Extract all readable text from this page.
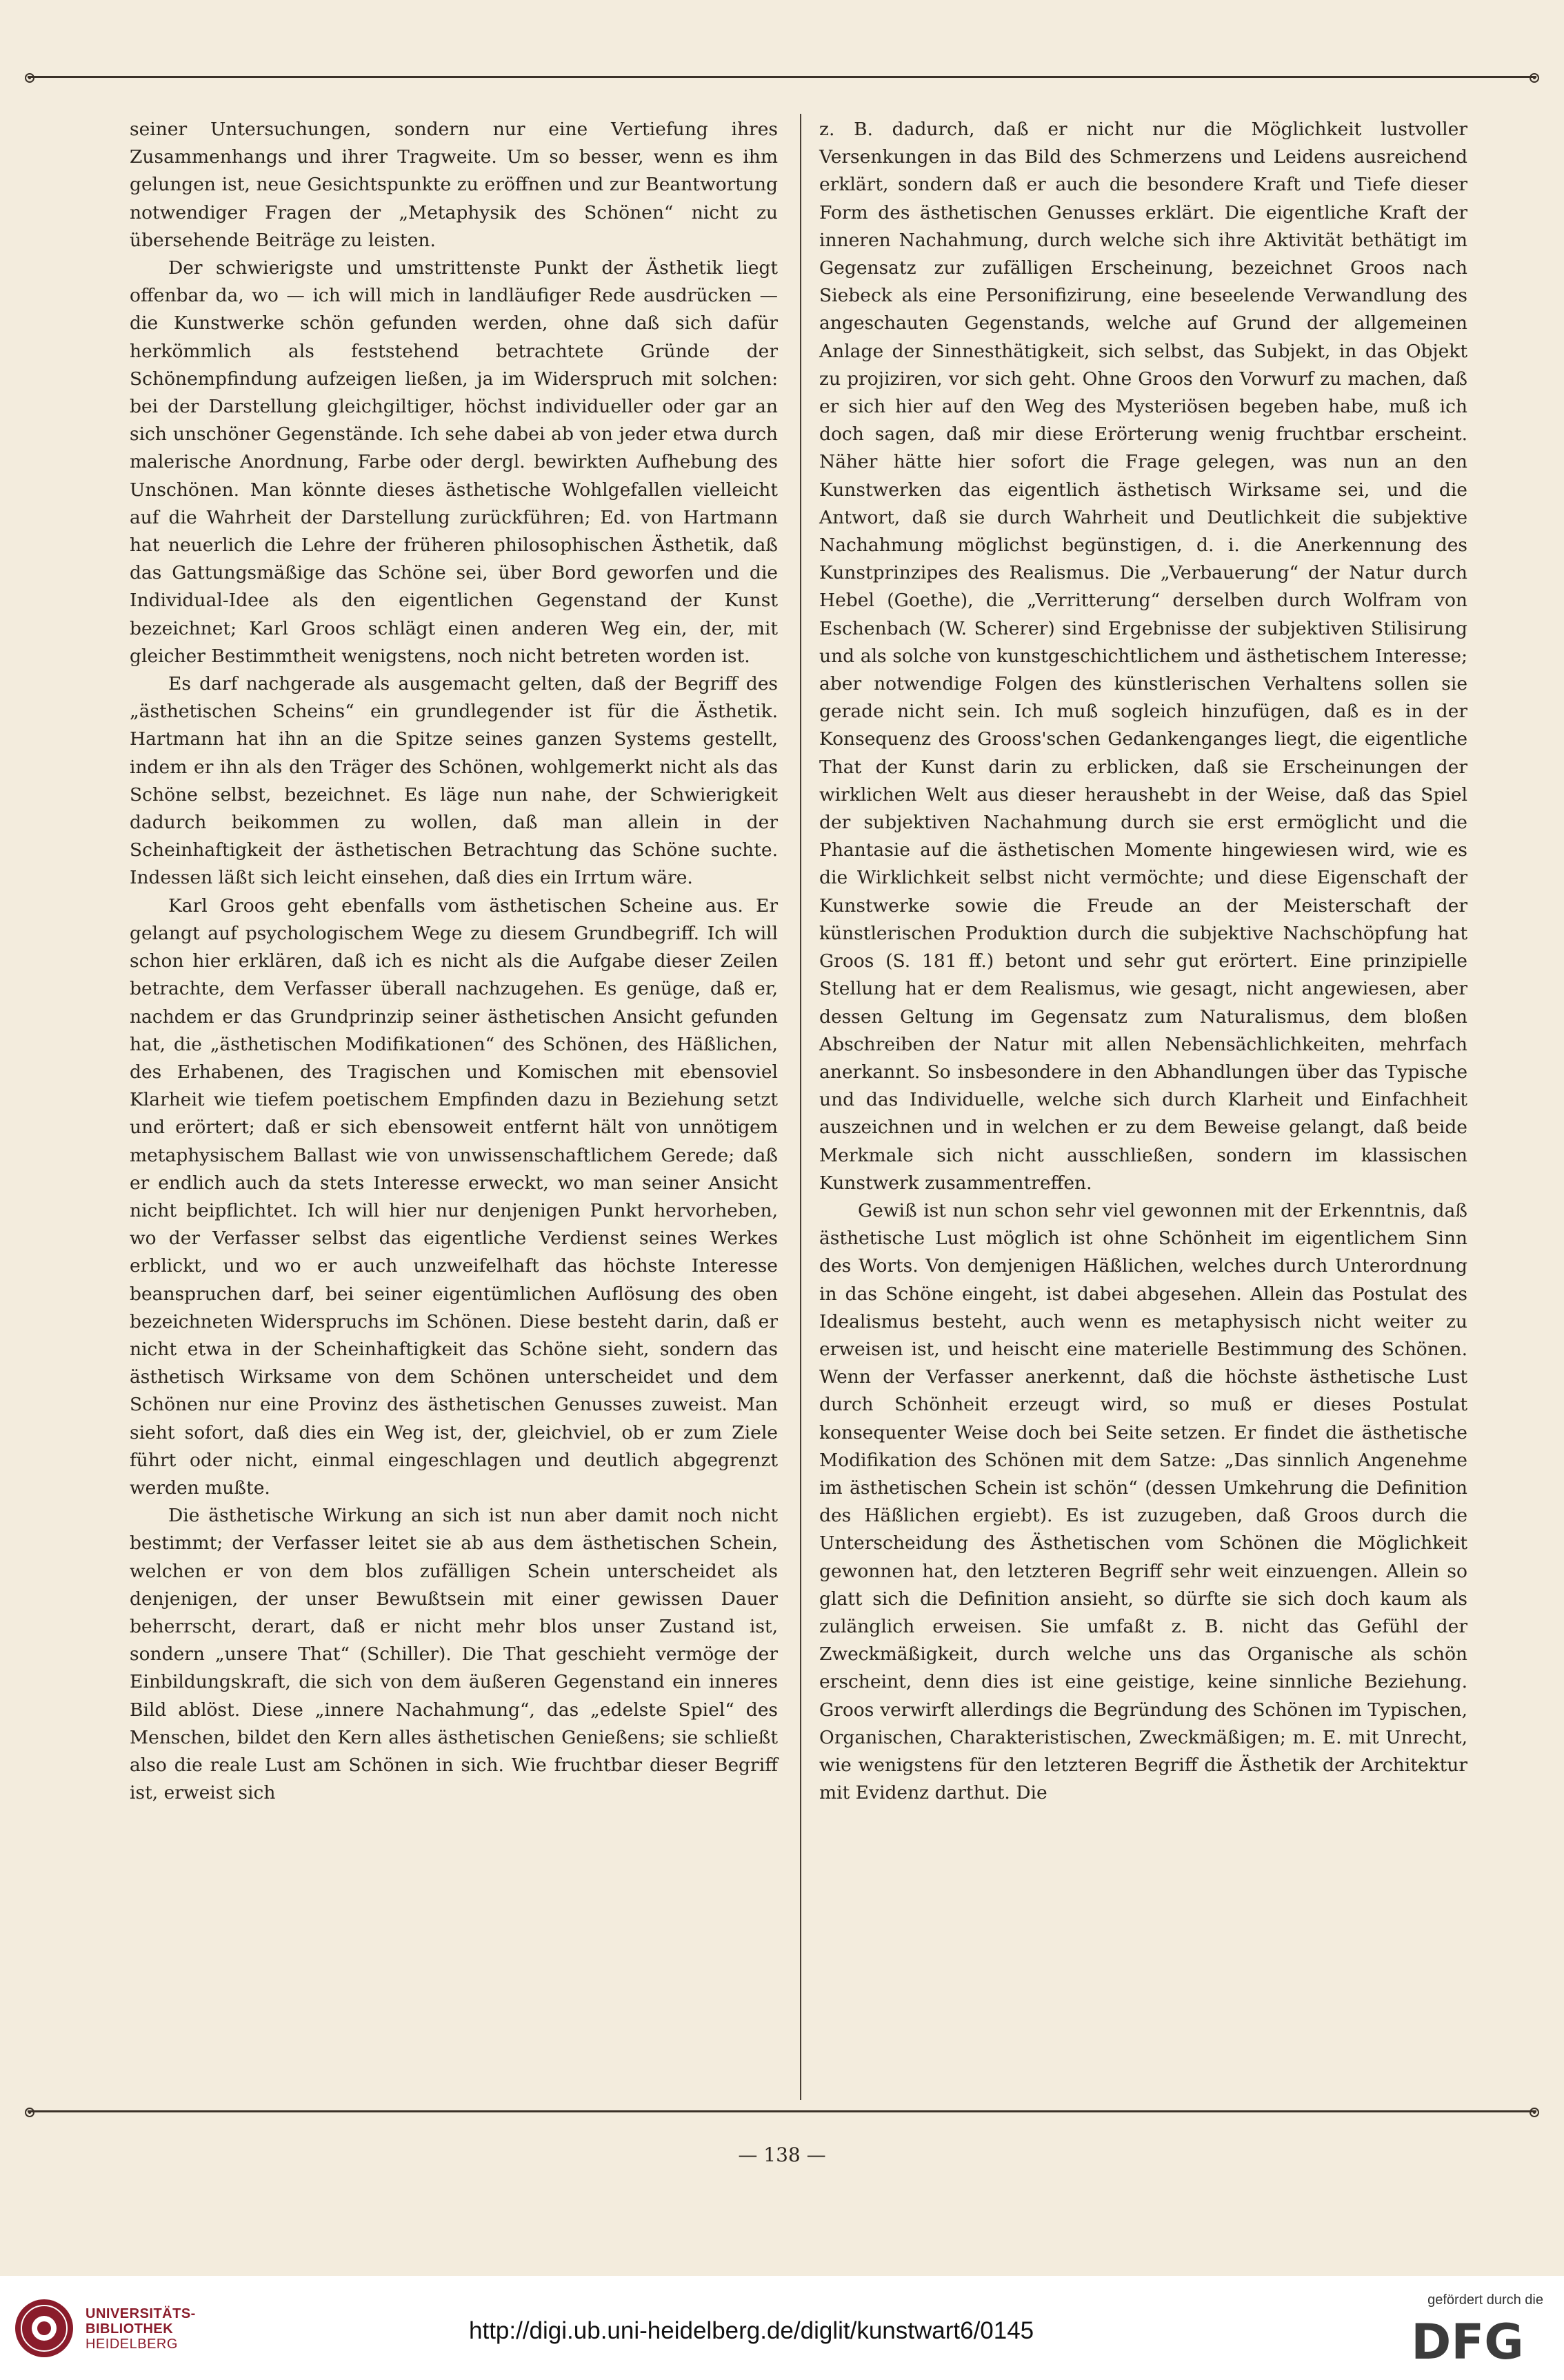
seiner Untersuchungen, sondern nur eine Vertiefung ihres Zusammenhangs und ihrer Tragweite. Um so besser, wenn es ihm gelungen ist, neue Gesichtspunkte zu eröffnen und zur Beantwortung notwendiger Fragen der „Metaphysik des Schönen“ nicht zu übersehende Beiträge zu leisten.

Der schwierigste und umstrittenste Punkt der Ästhetik liegt offenbar da, wo — ich will mich in landläufiger Rede ausdrücken — die Kunstwerke schön gefunden werden, ohne daß sich dafür herkömmlich als feststehend betrachtete Gründe der Schönempfindung aufzeigen ließen, ja im Widerspruch mit solchen: bei der Darstellung gleichgiltiger, höchst individueller oder gar an sich unschöner Gegenstände. Ich sehe dabei ab von jeder etwa durch malerische Anordnung, Farbe oder dergl. bewirkten Aufhebung des Unschönen. Man könnte dieses ästhetische Wohlgefallen vielleicht auf die Wahrheit der Darstellung zurückführen; Ed. von Hartmann hat neuerlich die Lehre der früheren philosophischen Ästhetik, daß das Gattungsmäßige das Schöne sei, über Bord geworfen und die Individual-Idee als den eigentlichen Gegenstand der Kunst bezeichnet; Karl Groos schlägt einen anderen Weg ein, der, mit gleicher Bestimmtheit wenigstens, noch nicht betreten worden ist.

Es darf nachgerade als ausgemacht gelten, daß der Begriff des „ästhetischen Scheins“ ein grundlegender ist für die Ästhetik. Hartmann hat ihn an die Spitze seines ganzen Systems gestellt, indem er ihn als den Träger des Schönen, wohlgemerkt nicht als das Schöne selbst, bezeichnet. Es läge nun nahe, der Schwierigkeit dadurch beikommen zu wollen, daß man allein in der Scheinhaftigkeit der ästhetischen Betrachtung das Schöne suchte. Indessen läßt sich leicht einsehen, daß dies ein Irrtum wäre.

Karl Groos geht ebenfalls vom ästhetischen Scheine aus. Er gelangt auf psychologischem Wege zu diesem Grundbegriff. Ich will schon hier erklären, daß ich es nicht als die Aufgabe dieser Zeilen betrachte, dem Verfasser überall nachzugehen. Es genüge, daß er, nachdem er das Grundprinzip seiner ästhetischen Ansicht gefunden hat, die „ästhetischen Modifikationen“ des Schönen, des Häßlichen, des Erhabenen, des Tragischen und Komischen mit ebensoviel Klarheit wie tiefem poetischem Empfinden dazu in Beziehung setzt und erörtert; daß er sich ebensoweit entfernt hält von unnötigem metaphysischem Ballast wie von unwissenschaftlichem Gerede; daß er endlich auch da stets Interesse erweckt, wo man seiner Ansicht nicht beipflichtet. Ich will hier nur denjenigen Punkt hervorheben, wo der Verfasser selbst das eigentliche Verdienst seines Werkes erblickt, und wo er auch unzweifelhaft das höchste Interesse beanspruchen darf, bei seiner eigentümlichen Auflösung des oben bezeichneten Widerspruchs im Schönen. Diese besteht darin, daß er nicht etwa in der Scheinhaftigkeit das Schöne sieht, sondern das ästhetisch Wirksame von dem Schönen unterscheidet und dem Schönen nur eine Provinz des ästhetischen Genusses zuweist. Man sieht sofort, daß dies ein Weg ist, der, gleichviel, ob er zum Ziele führt oder nicht, einmal eingeschlagen und deutlich abgegrenzt werden mußte.

Die ästhetische Wirkung an sich ist nun aber damit noch nicht bestimmt; der Verfasser leitet sie ab aus dem ästhetischen Schein, welchen er von dem blos zufälligen Schein unterscheidet als denjenigen, der unser Bewußtsein mit einer gewissen Dauer beherrscht, derart, daß er nicht mehr blos unser Zustand ist, sondern „unsere That“ (Schiller). Die That geschieht vermöge der Einbildungskraft, die sich von dem äußeren Gegenstand ein inneres Bild ablöst. Diese „innere Nachahmung“, das „edelste Spiel“ des Menschen, bildet den Kern alles ästhetischen Genießens; sie schließt also die reale Lust am Schönen in sich. Wie fruchtbar dieser Begriff ist, erweist sich

z. B. dadurch, daß er nicht nur die Möglichkeit lustvoller Versenkungen in das Bild des Schmerzens und Leidens ausreichend erklärt, sondern daß er auch die besondere Kraft und Tiefe dieser Form des ästhetischen Genusses erklärt. Die eigentliche Kraft der inneren Nachahmung, durch welche sich ihre Aktivität bethätigt im Gegensatz zur zufälligen Erscheinung, bezeichnet Groos nach Siebeck als eine Personifizirung, eine beseelende Verwandlung des angeschauten Gegenstands, welche auf Grund der allgemeinen Anlage der Sinnesthätigkeit, sich selbst, das Subjekt, in das Objekt zu projiziren, vor sich geht. Ohne Groos den Vorwurf zu machen, daß er sich hier auf den Weg des Mysteriösen begeben habe, muß ich doch sagen, daß mir diese Erörterung wenig fruchtbar erscheint. Näher hätte hier sofort die Frage gelegen, was nun an den Kunstwerken das eigentlich ästhetisch Wirksame sei, und die Antwort, daß sie durch Wahrheit und Deutlichkeit die subjektive Nachahmung möglichst begünstigen, d. i. die Anerkennung des Kunstprinzipes des Realismus. Die „Verbauerung“ der Natur durch Hebel (Goethe), die „Verritterung“ derselben durch Wolfram von Eschenbach (W. Scherer) sind Ergebnisse der subjektiven Stilisirung und als solche von kunstgeschichtlichem und ästhetischem Interesse; aber notwendige Folgen des künstlerischen Verhaltens sollen sie gerade nicht sein. Ich muß sogleich hinzufügen, daß es in der Konsequenz des Grooss'schen Gedankenganges liegt, die eigentliche That der Kunst darin zu erblicken, daß sie Erscheinungen der wirklichen Welt aus dieser heraushebt in der Weise, daß das Spiel der subjektiven Nachahmung durch sie erst ermöglicht und die Phantasie auf die ästhetischen Momente hingewiesen wird, wie es die Wirklichkeit selbst nicht vermöchte; und diese Eigenschaft der Kunstwerke sowie die Freude an der Meisterschaft der künstlerischen Produktion durch die subjektive Nachschöpfung hat Groos (S. 181 ff.) betont und sehr gut erörtert. Eine prinzipielle Stellung hat er dem Realismus, wie gesagt, nicht angewiesen, aber dessen Geltung im Gegensatz zum Naturalismus, dem bloßen Abschreiben der Natur mit allen Nebensächlichkeiten, mehrfach anerkannt. So insbesondere in den Abhandlungen über das Typische und das Individuelle, welche sich durch Klarheit und Einfachheit auszeichnen und in welchen er zu dem Beweise gelangt, daß beide Merkmale sich nicht ausschließen, sondern im klassischen Kunstwerk zusammentreffen.

Gewiß ist nun schon sehr viel gewonnen mit der Erkenntnis, daß ästhetische Lust möglich ist ohne Schönheit im eigentlichem Sinn des Worts. Von demjenigen Häßlichen, welches durch Unterordnung in das Schöne eingeht, ist dabei abgesehen. Allein das Postulat des Idealismus besteht, auch wenn es metaphysisch nicht weiter zu erweisen ist, und heischt eine materielle Bestimmung des Schönen. Wenn der Verfasser anerkennt, daß die höchste ästhetische Lust durch Schönheit erzeugt wird, so muß er dieses Postulat konsequenter Weise doch bei Seite setzen. Er findet die ästhetische Modifikation des Schönen mit dem Satze: „Das sinnlich Angenehme im ästhetischen Schein ist schön“ (dessen Umkehrung die Definition des Häßlichen ergiebt). Es ist zuzugeben, daß Groos durch die Unterscheidung des Ästhetischen vom Schönen die Möglichkeit gewonnen hat, den letzteren Begriff sehr weit einzuengen. Allein so glatt sich die Definition ansieht, so dürfte sie sich doch kaum als zulänglich erweisen. Sie umfaßt z. B. nicht das Gefühl der Zweckmäßigkeit, durch welche uns das Organische als schön erscheint, denn dies ist eine geistige, keine sinnliche Beziehung. Groos verwirft allerdings die Begründung des Schönen im Typischen, Organischen, Charakteristischen, Zweckmäßigen; m. E. mit Unrecht, wie wenigstens für den letzteren Begriff die Ästhetik der Architektur mit Evidenz darthut. Die

— 138 —
UNIVERSITÄTS-
BIBLIOTHEK
HEIDELBERG	http://digi.ub.uni-heidelberg.de/diglit/kunstwart6/0145
gefördert durch die
DFG
